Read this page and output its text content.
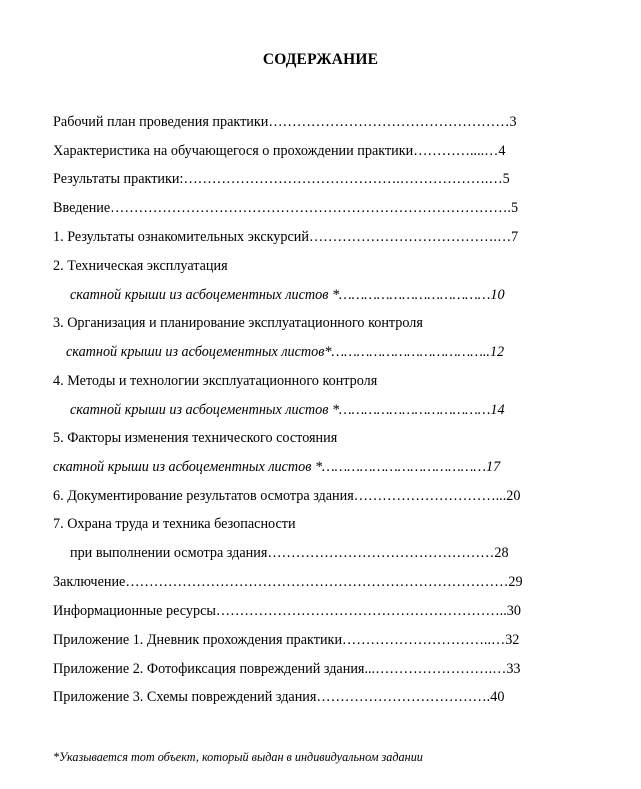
СОДЕРЖАНИЕ
Рабочий план проведения практики……………………………………………3
Характеристика на обучающегося о прохождении практики…………....…4
Результаты практики:……………………………………….……………….…5
Введение………………………………………………………………………….5
1. Результаты ознакомительных экскурсий………………………………….…7
2. Техническая эксплуатация
скатной крыши из асбоцементных листов *………………………………10
3. Организация и планирование эксплуатационного контроля
скатной крыши из асбоцементных листов*………………………………..12
4. Методы и технологии эксплуатационного контроля
скатной крыши из асбоцементных листов *………………………………14
5. Факторы изменения технического состояния
скатной крыши из асбоцементных листов *…………………………………17
6. Документирование результатов осмотра здания…………………………...20
7. Охрана труда и техника безопасности
при выполнении осмотра здания…………………………………………28
Заключение………………………………………………………………………29
Информационные ресурсы……………………………………………………..30
Приложение 1. Дневник прохождения практики…………………………..…32
Приложение 2. Фотофиксация повреждений здания...…………………….…33
Приложение 3. Схемы повреждений здания……………………………….40
*Указывается тот объект, который выдан в индивидуальном задании
